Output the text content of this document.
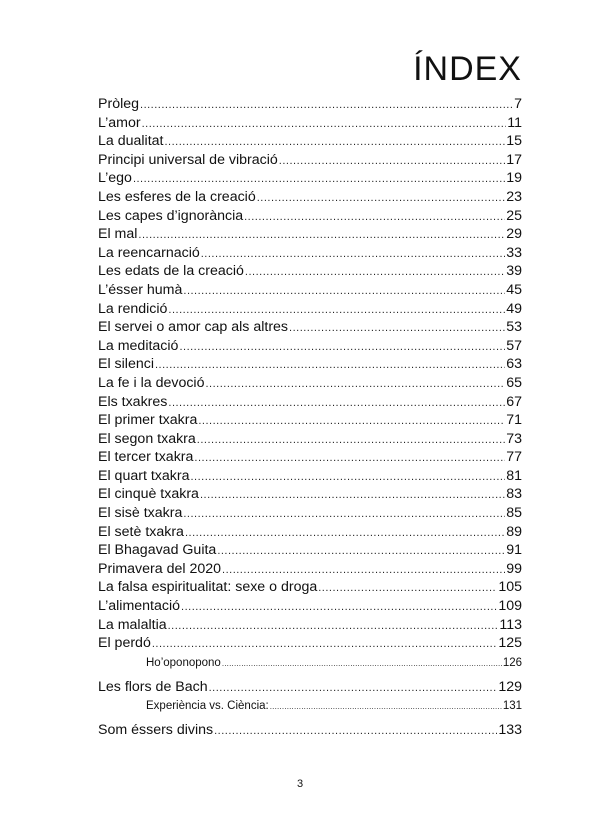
ÍNDEX
Pròleg .....	7
L’amor .....	11
La dualitat .....	15
Principi universal de vibració .....	17
L’ego .....	19
Les esferes de la creació .....	23
Les capes d’ignorància .....	25
El mal .....	29
La reencarnació .....	33
Les edats de la creació .....	39
L’ésser humà .....	45
La rendició .....	49
El servei o amor cap als altres .....	53
La meditació .....	57
El silenci .....	63
La fe i la devoció .....	65
Els txakres .....	67
El primer txakra .....	71
El segon txakra .....	73
El tercer txakra .....	77
El quart txakra .....	81
El cinquè txakra .....	83
El sisè txakra .....	85
El setè txakra .....	89
El Bhagavad Guita .....	91
Primavera del 2020 .....	99
La falsa espiritualitat: sexe o droga .....	105
L’alimentació .....	109
La malaltia .....	113
El perdó .....	125
Ho’oponopono .....	126
Les flors de Bach .....	129
Experiència vs. Ciència: .....	131
Som éssers divins .....	133
3
